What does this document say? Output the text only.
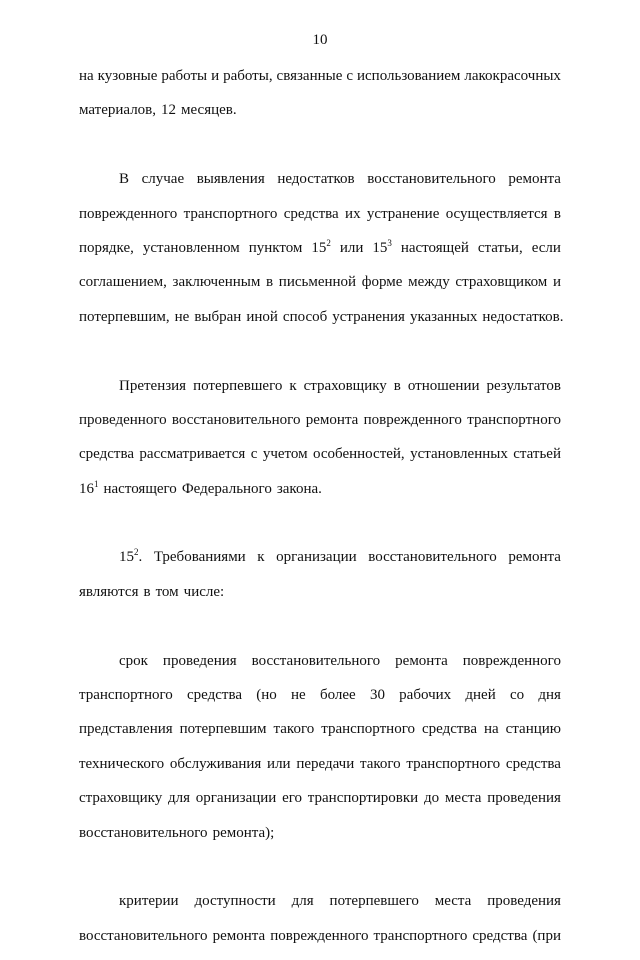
10
на кузовные работы и работы, связанные с использованием лакокрасочных
материалов, 12 месяцев.
В случае выявления недостатков восстановительного ремонта
поврежденного транспортного средства их устранение осуществляется в
порядке, установленном пунктом $15^2$ или $15^3$ настоящей статьи, если
соглашением, заключенным в письменной форме между страховщиком и
потерпевшим, не выбран иной способ устранения указанных недостатков.
Претензия потерпевшего к страховщику в отношении результатов
проведенного восстановительного ремонта поврежденного транспортного
средства рассматривается с учетом особенностей, установленных статьей
$16^1$ настоящего Федерального закона.
$15^2$. Требованиями к организации восстановительного ремонта
являются в том числе:
срок проведения восстановительного ремонта поврежденного
транспортного средства (но не более 30 рабочих дней со дня
представления потерпевшим такого транспортного средства на станцию
технического обслуживания или передачи такого транспортного средства
страховщику для организации его транспортировки до места проведения
восстановительного ремонта);
критерии доступности для потерпевшего места проведения
восстановительного ремонта поврежденного транспортного средства (при
